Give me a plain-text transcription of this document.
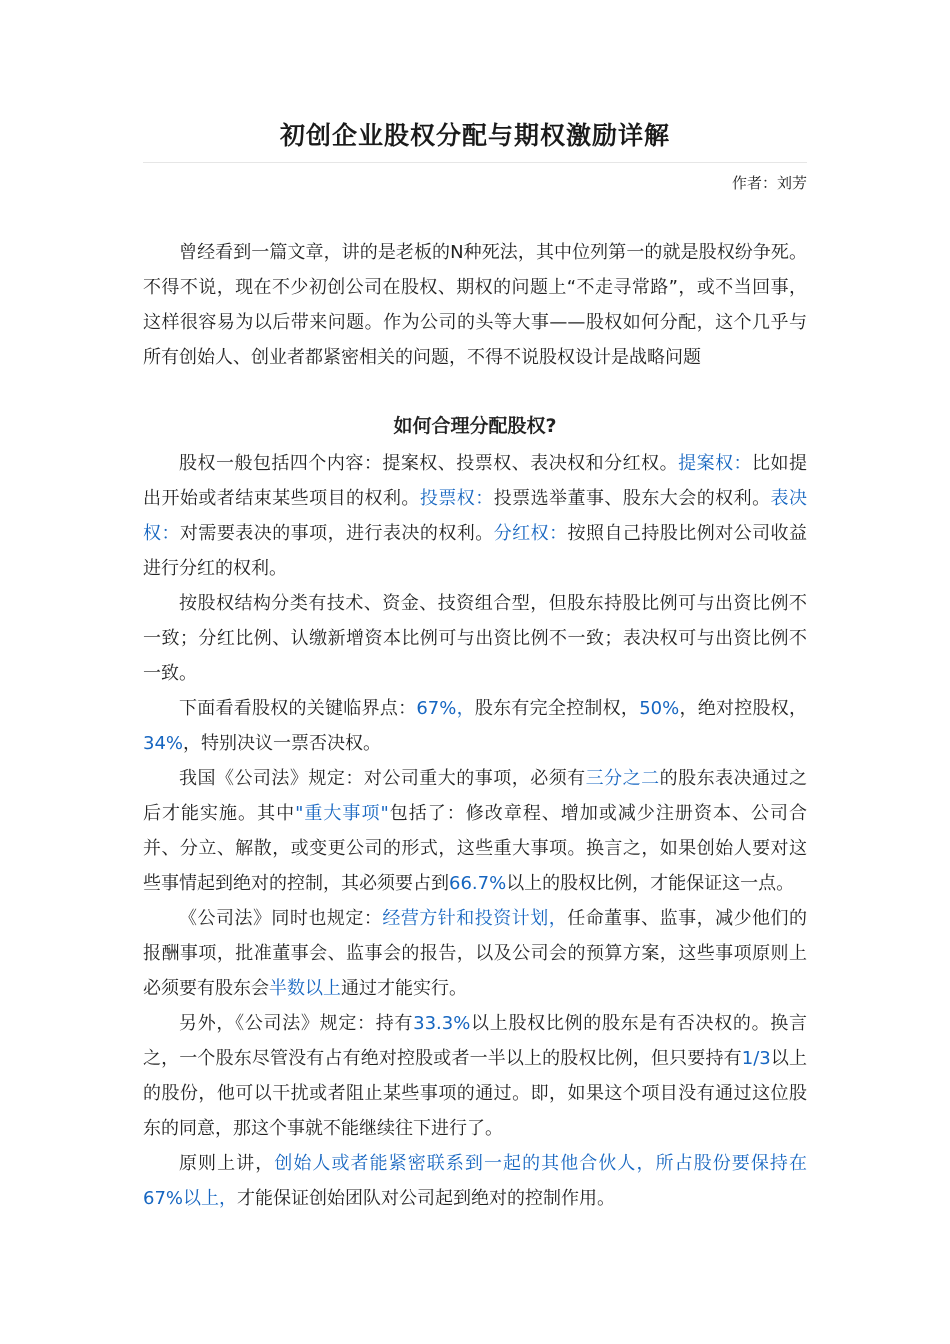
初创企业股权分配与期权激励详解
作者：刘芳

曾经看到一篇文章，讲的是老板的N种死法，其中位列第一的就是股权纷争死。不得不说，现在不少初创公司在股权、期权的问题上“不走寻常路”，或不当回事，这样很容易为以后带来问题。作为公司的头等大事——股权如何分配，这个几乎与所有创始人、创业者都紧密相关的问题，不得不说股权设计是战略问题

如何合理分配股权?

股权一般包括四个内容：提案权、投票权、表决权和分红权。提案权：比如提出开始或者结束某些项目的权利。投票权：投票选举董事、股东大会的权利。表决权：对需要表决的事项，进行表决的权利。分红权：按照自己持股比例对公司收益进行分红的权利。

按股权结构分类有技术、资金、技资组合型，但股东持股比例可与出资比例不一致；分红比例、认缴新增资本比例可与出资比例不一致；表决权可与出资比例不一致。

下面看看股权的关键临界点：67%，股东有完全控制权，50%，绝对控股权，34%，特别决议一票否决权。

我国《公司法》规定：对公司重大的事项，必须有三分之二的股东表决通过之后才能实施。其中"重大事项"包括了：修改章程、增加或减少注册资本、公司合并、分立、解散，或变更公司的形式，这些重大事项。换言之，如果创始人要对这些事情起到绝对的控制，其必须要占到66.7%以上的股权比例，才能保证这一点。

《公司法》同时也规定：经营方针和投资计划，任命董事、监事，减少他们的报酬事项，批准董事会、监事会的报告，以及公司会的预算方案，这些事项原则上必须要有股东会半数以上通过才能实行。

另外，《公司法》规定：持有33.3%以上股权比例的股东是有否决权的。换言之，一个股东尽管没有占有绝对控股或者一半以上的股权比例，但只要持有1/3以上的股份，他可以干扰或者阻止某些事项的通过。即，如果这个项目没有通过这位股东的同意，那这个事就不能继续往下进行了。

原则上讲，创始人或者能紧密联系到一起的其他合伙人，所占股份要保持在67%以上，才能保证创始团队对公司起到绝对的控制作用。
